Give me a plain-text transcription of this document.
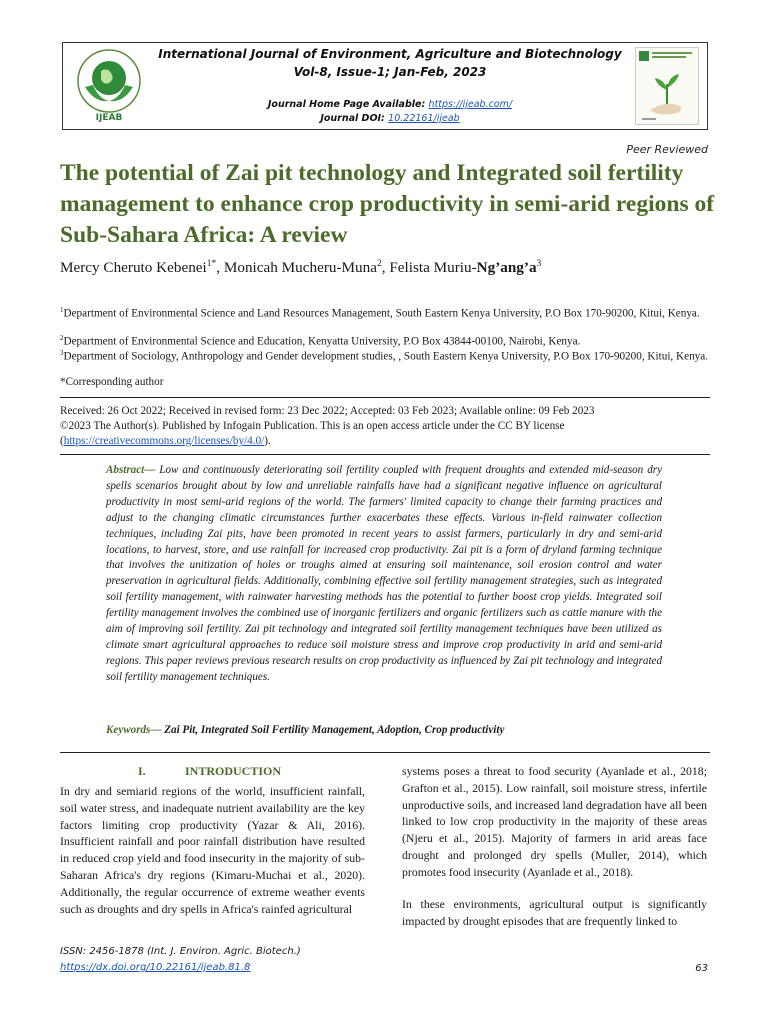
IJEAB
International Journal of Environment, Agriculture and Biotechnology
Vol-8, Issue-1; Jan-Feb, 2023
Journal Home Page Available: https://ijeab.com/
Journal DOI: 10.22161/ijeab
Peer Reviewed
The potential of Zai pit technology and Integrated soil fertility management to enhance crop productivity in semi-arid regions of Sub-Sahara Africa: A review
Mercy Cheruto Kebenei$^{1*}$, Monicah Mucheru-Muna$^2$, Felista Muriu-$Ng’ang’a^3$
$^1$Department of Environmental Science and Land Resources Management, South Eastern Kenya University, P.O Box 170-90200, Kitui, Kenya.
$^2$Department of Environmental Science and Education, Kenyatta University, P.O Box 43844-00100, Nairobi, Kenya.
$^3$Department of Sociology, Anthropology and Gender development studies, , South Eastern Kenya University, P.O Box 170-90200, Kitui, Kenya.
*Corresponding author
Received: 26 Oct 2022; Received in revised form: 23 Dec 2022; Accepted: 03 Feb 2023; Available online: 09 Feb 2023
©2023 The Author(s). Published by Infogain Publication. This is an open access article under the CC BY license
(https://creativecommons.org/licenses/by/4.0/).

Abstract— Low and continuously deteriorating soil fertility coupled with frequent droughts and extended mid-season dry spells scenarios brought about by low and unreliable rainfalls have had a significant negative influence on agricultural productivity in most semi-arid regions of the world. The farmers' limited capacity to change their farming practices and adjust to the changing climatic circumstances further exacerbates these effects. Various in-field rainwater collection techniques, including Zai pits, have been promoted in recent years to assist farmers, particularly in dry and semi-arid locations, to harvest, store, and use rainfall for increased crop productivity. Zai pit is a form of dryland farming technique that involves the unitization of holes or troughs aimed at ensuring soil maintenance, soil erosion control and water preservation in agricultural fields. Additionally, combining effective soil fertility management strategies, such as integrated soil fertility management, with rainwater harvesting methods has the potential to further boost crop yields. Integrated soil fertility management involves the combined use of inorganic fertilizers and organic fertilizers such as cattle manure with the aim of improving soil fertility. Zai pit technology and integrated soil fertility management techniques have been utilized as climate smart agricultural approaches to reduce soil moisture stress and improve crop productivity in arid and semi-arid regions. This paper reviews previous research results on crop productivity as influenced by Zai pit technology and integrated soil fertility management techniques.

Keywords— Zai Pit, Integrated Soil Fertility Management, Adoption, Crop productivity
I.	INTRODUCTION

In dry and semiarid regions of the world, insufficient rainfall, soil water stress, and inadequate nutrient availability are the key factors limiting crop productivity (Yazar & Ali, 2016). Insufficient rainfall and poor rainfall distribution have resulted in reduced crop yield and food insecurity in the majority of sub-Saharan Africa's dry regions (Kimaru-Muchai et al., 2020). Additionally, the regular occurrence of extreme weather events such as droughts and dry spells in Africa's rainfed agricultural

systems poses a threat to food security (Ayanlade et al., 2018; Grafton et al., 2015). Low rainfall, soil moisture stress, infertile unproductive soils, and increased land degradation have all been linked to low crop productivity in the majority of these areas (Njeru et al., 2015). Majority of farmers in arid areas face drought and prolonged dry spells (Muller, 2014), which promotes food insecurity (Ayanlade et al., 2018).

In these environments, agricultural output is significantly impacted by drought episodes that are frequently linked to

ISSN: 2456-1878 (Int. J. Environ. Agric. Biotech.)
https://dx.doi.org/10.22161/ijeab.81.8	63
